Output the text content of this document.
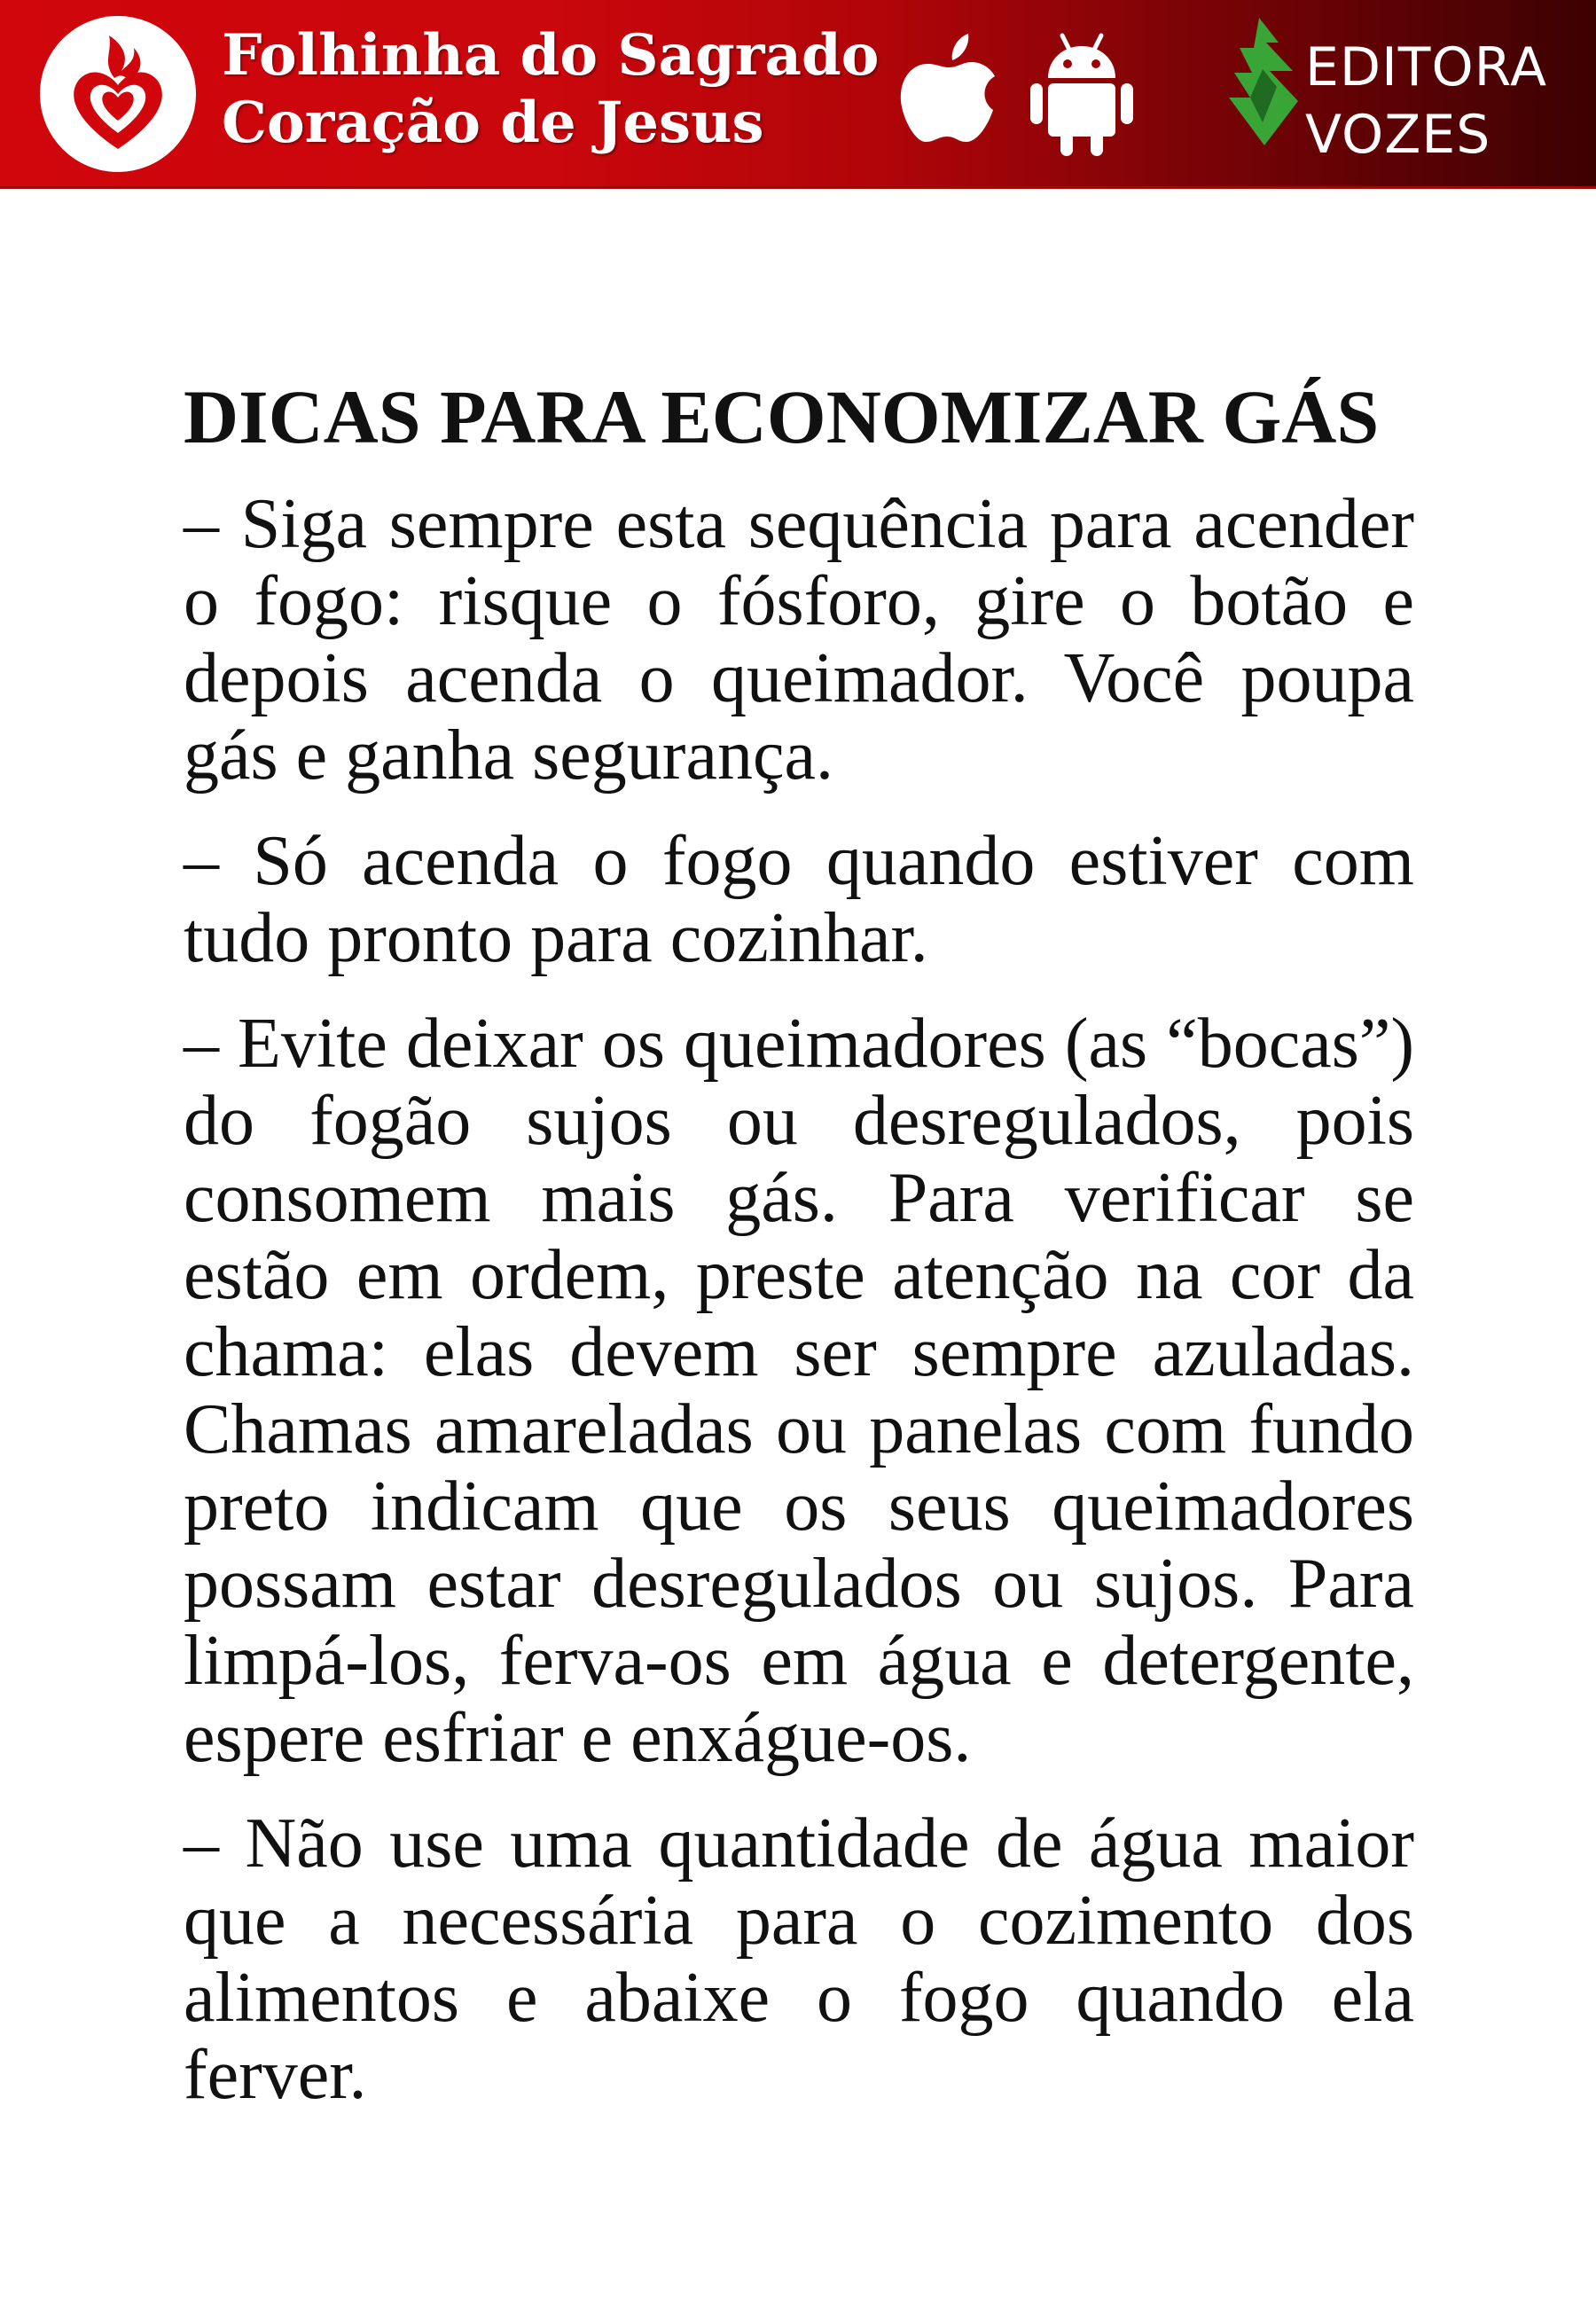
Folhinha do Sagrado
Coração de Jesus
EDITORA
VOZES
DICAS PARA ECONOMIZAR GÁS

– Siga sempre esta sequência para acender o fogo: risque o fósforo, gire o botão e depois acenda o queimador. Você poupa gás e ganha segurança.

– Só acenda o fogo quando estiver com tudo pronto para cozinhar.

– Evite deixar os queimadores (as “bocas”) do fogão sujos ou desregulados, pois consomem mais gás. Para verificar se estão em ordem, preste atenção na cor da chama: elas devem ser sempre azuladas. Chamas amareladas ou panelas com fundo preto indicam que os seus queimadores possam estar desregulados ou sujos. Para limpá-los, ferva-os em água e detergente, espere esfriar e enxágue-os.

– Não use uma quantidade de água maior que a necessária para o cozimento dos alimentos e abaixe o fogo quando ela ferver.
